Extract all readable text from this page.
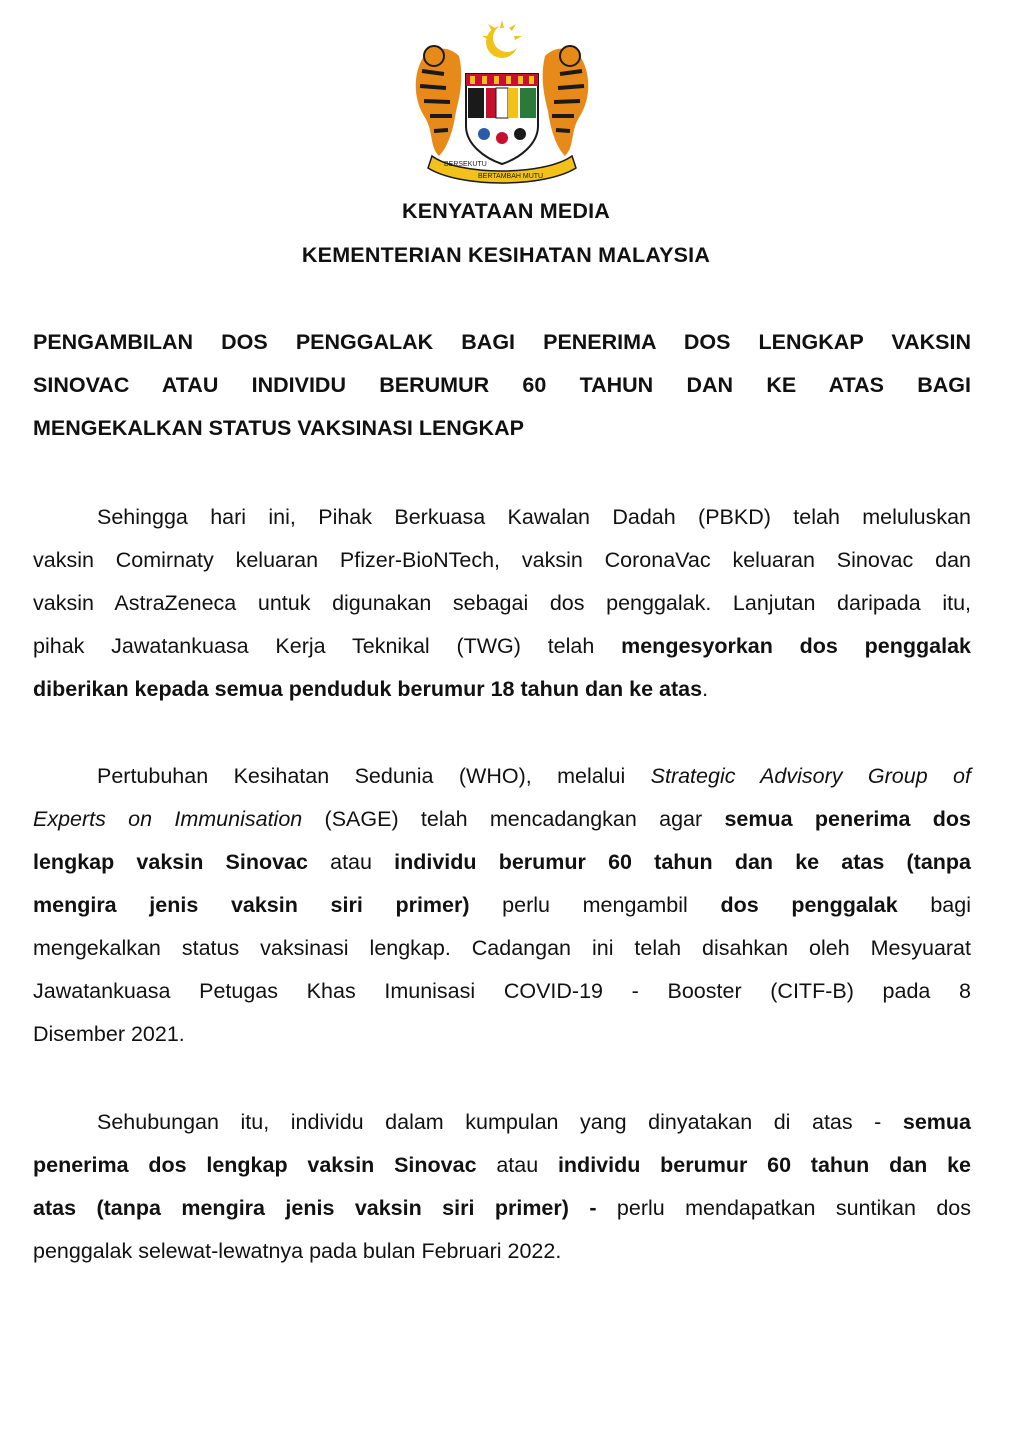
BERSEKUTU
BERTAMBAH MUTU
KENYATAAN MEDIA
KEMENTERIAN KESIHATAN MALAYSIA
PENGAMBILAN DOS PENGGALAK BAGI PENERIMA DOS LENGKAP VAKSIN
SINOVAC ATAU INDIVIDU BERUMUR 60 TAHUN DAN KE ATAS BAGI
MENGEKALKAN STATUS VAKSINASI LENGKAP
Sehingga hari ini, Pihak Berkuasa Kawalan Dadah (PBKD) telah meluluskan
vaksin Comirnaty keluaran Pfizer-BioNTech, vaksin CoronaVac keluaran Sinovac dan
vaksin AstraZeneca untuk digunakan sebagai dos penggalak. Lanjutan daripada itu,
pihak Jawatankuasa Kerja Teknikal (TWG) telah mengesyorkan dos penggalak
diberikan kepada semua penduduk berumur 18 tahun dan ke atas.
Pertubuhan Kesihatan Sedunia (WHO), melalui Strategic Advisory Group of
Experts on Immunisation (SAGE) telah mencadangkan agar semua penerima dos
lengkap vaksin Sinovac atau individu berumur 60 tahun dan ke atas (tanpa
mengira jenis vaksin siri primer) perlu mengambil dos penggalak bagi
mengekalkan status vaksinasi lengkap. Cadangan ini telah disahkan oleh Mesyuarat
Jawatankuasa Petugas Khas Imunisasi COVID-19 - Booster (CITF-B) pada 8
Disember 2021.
Sehubungan itu, individu dalam kumpulan yang dinyatakan di atas - semua
penerima dos lengkap vaksin Sinovac atau individu berumur 60 tahun dan ke
atas (tanpa mengira jenis vaksin siri primer) - perlu mendapatkan suntikan dos
penggalak selewat-lewatnya pada bulan Februari 2022.
